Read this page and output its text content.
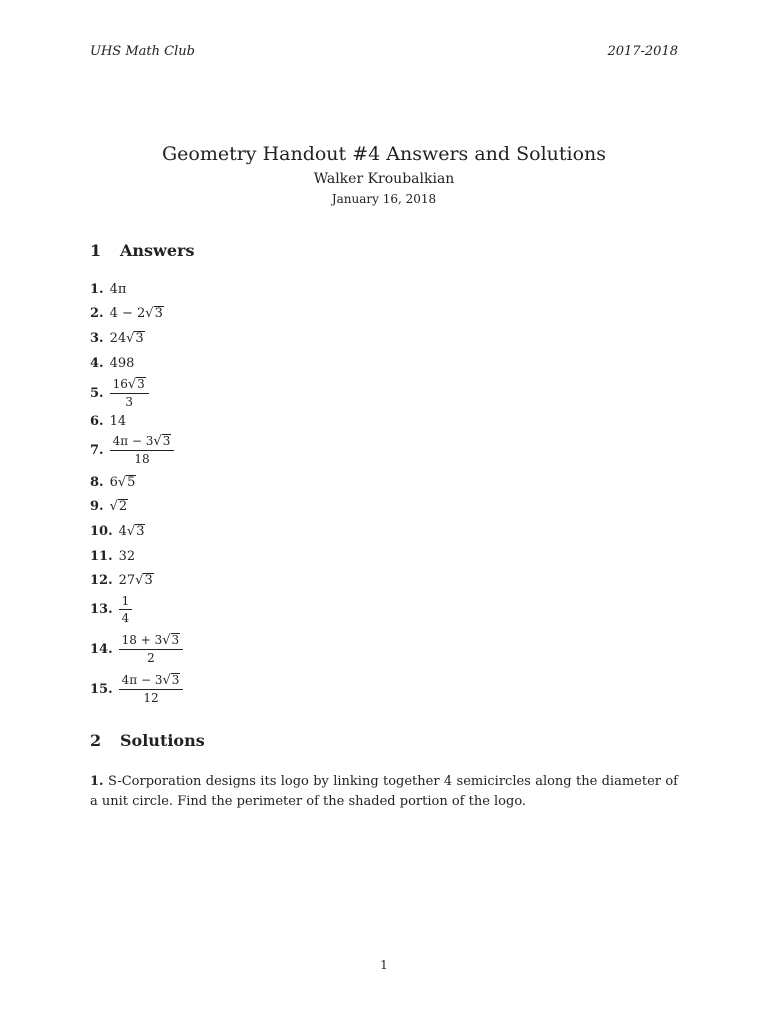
UHS Math Club	2017-2018
Geometry Handout #4 Answers and Solutions
Walker Kroubalkian
January 16, 2018
1	Answers
1. 4π
2. 4 − 2 √ 3
3. 24 √ 3
4. 498
5. $\frac{16 √ 3}{3}$
6. 14
7. $\frac{4\pi - 3 √ 3}{18}$
8. 6 √ 5
9. √ 2
10. 4 √ 3
11. 32
12. 27 √ 3
13. $\frac{1}{4}$
14. $\frac{18 + 3 √ 3}{2}$
15. $\frac{4\pi - 3 √ 3}{12}$
2	Solutions
1. S-Corporation designs its logo by linking together 4 semicircles along the diameter of a unit circle. Find the perimeter of the shaded portion of the logo.
1
